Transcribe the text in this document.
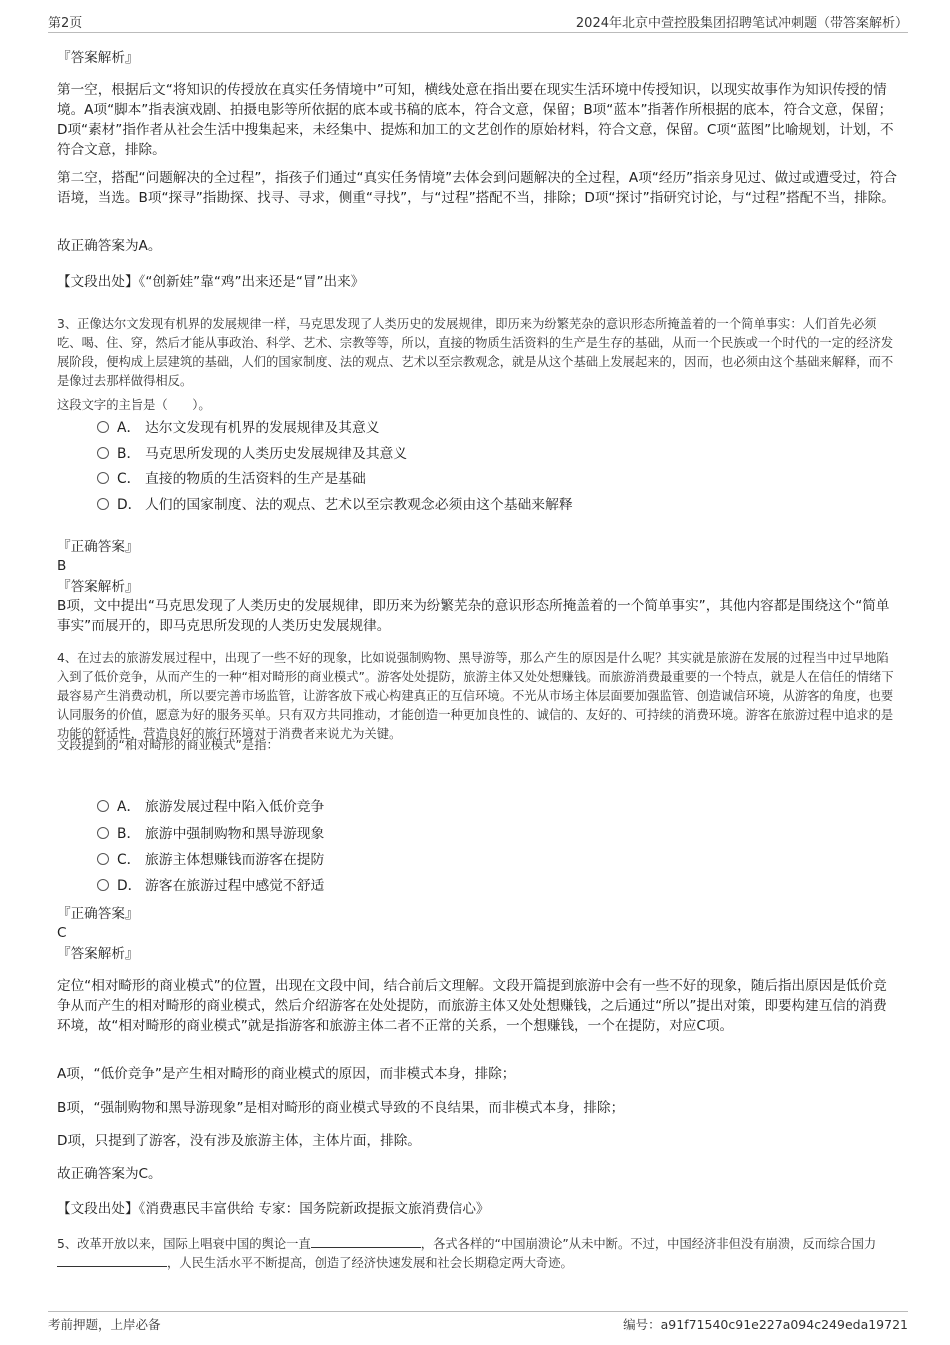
第2页	2024年北京中萱控股集团招聘笔试冲刺题（带答案解析）
『答案解析』
第一空，根据后文“将知识的传授放在真实任务情境中”可知，横线处意在指出要在现实生活环境中传授知识，以现实故事作为知识传授的情境。A项“脚本”指表演戏剧、拍摄电影等所依据的底本或书稿的底本，符合文意，保留；B项“蓝本”指著作所根据的底本，符合文意，保留；D项“素材”指作者从社会生活中搜集起来，未经集中、提炼和加工的文艺创作的原始材料，符合文意，保留。C项“蓝图”比喻规划，计划，不符合文意，排除。
第二空，搭配“问题解决的全过程”，指孩子们通过“真实任务情境”去体会到问题解决的全过程，A项“经历”指亲身见过、做过或遭受过，符合语境，当选。B项“探寻”指勘探、找寻、寻求，侧重“寻找”，与“过程”搭配不当，排除；D项“探讨”指研究讨论，与“过程”搭配不当，排除。
故正确答案为A。
【文段出处】《“创新娃”靠“鸡”出来还是“冒”出来》
3、正像达尔文发现有机界的发展规律一样，马克思发现了人类历史的发展规律，即历来为纷繁芜杂的意识形态所掩盖着的一个简单事实：人们首先必须吃、喝、住、穿，然后才能从事政治、科学、艺术、宗教等等，所以，直接的物质生活资料的生产是生存的基础，从而一个民族或一个时代的一定的经济发展阶段，便构成上层建筑的基础，人们的国家制度、法的观点、艺术以至宗教观念，就是从这个基础上发展起来的，因而，也必须由这个基础来解释，而不是像过去那样做得相反。
这段文字的主旨是（　　）。
A． 达尔文发现有机界的发展规律及其意义
B． 马克思所发现的人类历史发展规律及其意义
C． 直接的物质的生活资料的生产是基础
D． 人们的国家制度、法的观点、艺术以至宗教观念必须由这个基础来解释
『正确答案』
B
『答案解析』
B项，文中提出“马克思发现了人类历史的发展规律，即历来为纷繁芜杂的意识形态所掩盖着的一个简单事实”，其他内容都是围绕这个“简单事实”而展开的，即马克思所发现的人类历史发展规律。
4、在过去的旅游发展过程中，出现了一些不好的现象，比如说强制购物、黑导游等，那么产生的原因是什么呢？其实就是旅游在发展的过程当中过早地陷入到了低价竞争，从而产生的一种“相对畸形的商业模式”。游客处处提防，旅游主体又处处想赚钱。而旅游消费最重要的一个特点，就是人在信任的情绪下最容易产生消费动机，所以要完善市场监管，让游客放下戒心构建真正的互信环境。不光从市场主体层面要加强监管、创造诚信环境，从游客的角度，也要认同服务的价值，愿意为好的服务买单。只有双方共同推动，才能创造一种更加良性的、诚信的、友好的、可持续的消费环境。游客在旅游过程中追求的是功能的舒适性，营造良好的旅行环境对于消费者来说尤为关键。
文段提到的“相对畸形的商业模式”是指：
A． 旅游发展过程中陷入低价竞争
B． 旅游中强制购物和黑导游现象
C． 旅游主体想赚钱而游客在提防
D． 游客在旅游过程中感觉不舒适
『正确答案』
C
『答案解析』
定位“相对畸形的商业模式”的位置，出现在文段中间，结合前后文理解。文段开篇提到旅游中会有一些不好的现象，随后指出原因是低价竞争从而产生的相对畸形的商业模式，然后介绍游客在处处提防，而旅游主体又处处想赚钱，之后通过“所以”提出对策，即要构建互信的消费环境，故“相对畸形的商业模式”就是指游客和旅游主体二者不正常的关系，一个想赚钱，一个在提防，对应C项。
A项，“低价竞争”是产生相对畸形的商业模式的原因，而非模式本身，排除；
B项，“强制购物和黑导游现象”是相对畸形的商业模式导致的不良结果，而非模式本身，排除；
D项，只提到了游客，没有涉及旅游主体，主体片面，排除。
故正确答案为C。
【文段出处】《消费惠民丰富供给 专家：国务院新政提振文旅消费信心》
5、改革开放以来，国际上唱衰中国的舆论一直	，各式各样的“中国崩溃论”从未中断。不过，中国经济非但没有崩溃，反而综合国力，人民生活水平不断提高，创造了经济快速发展和社会长期稳定两大奇迹。
考前押题，上岸必备	编号：a91f71540c91e227a094c249eda19721
